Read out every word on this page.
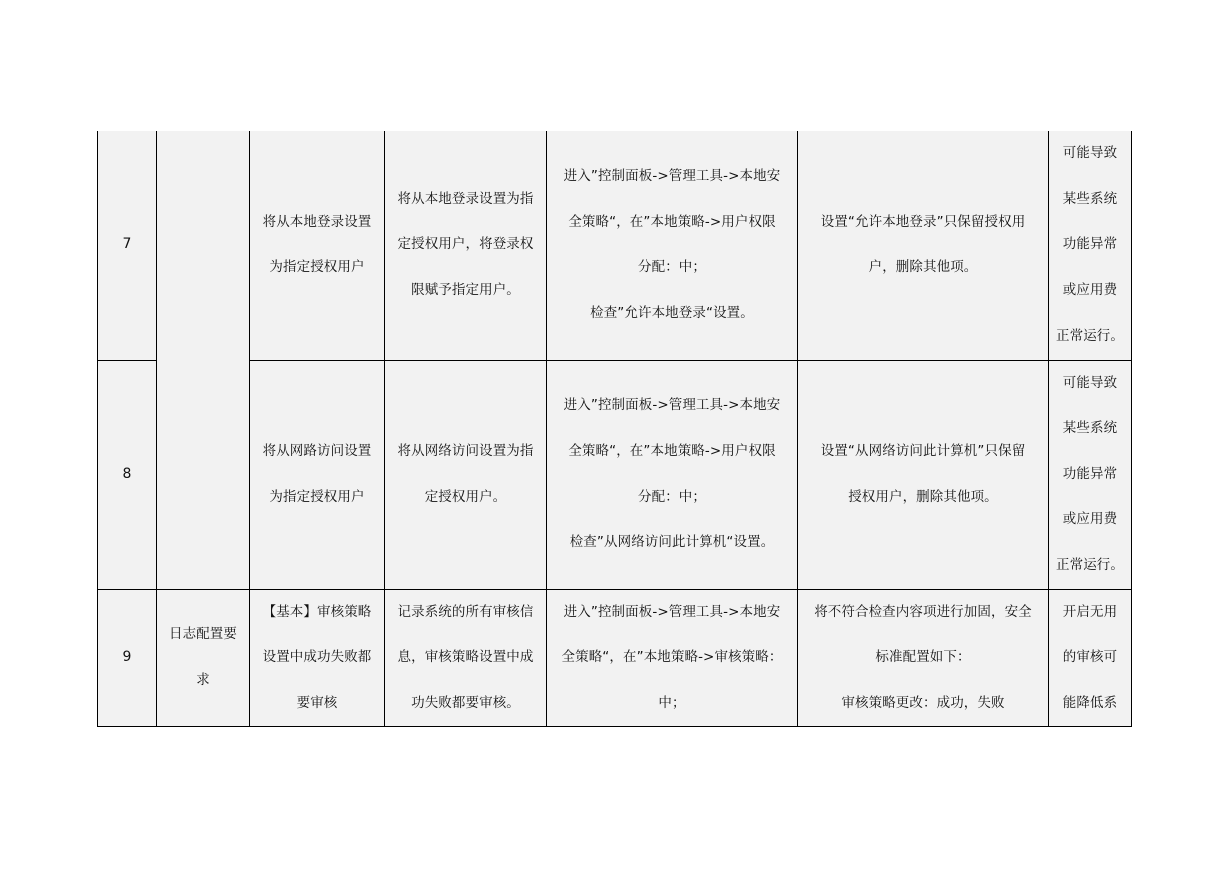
7		将从本地登录设置
为指定授权用户	将从本地登录设置为指
定授权用户，将登录权
限赋予指定用户。	进入”控制面板->管理工具->本地安
全策略“，在”本地策略->用户权限
分配：中；
检查”允许本地登录“设置。	设置“允许本地登录”只保留授权用
户，删除其他项。	可能导致
某些系统
功能异常
或应用费
正常运行。

8		将从网路访问设置
为指定授权用户	将从网络访问设置为指
定授权用户。	进入”控制面板->管理工具->本地安
全策略“，在”本地策略->用户权限
分配：中；
检查”从网络访问此计算机“设置。	设置“从网络访问此计算机”只保留
授权用户，删除其他项。	可能导致
某些系统
功能异常
或应用费
正常运行。

9	日志配置要
求	【基本】审核策略
设置中成功失败都
要审核	记录系统的所有审核信
息，审核策略设置中成
功失败都要审核。	进入”控制面板->管理工具->本地安
全策略“，在”本地策略->审核策略：
中；	将不符合检查内容项进行加固，安全
标准配置如下：
审核策略更改：成功，失败	开启无用
的审核可
能降低系
